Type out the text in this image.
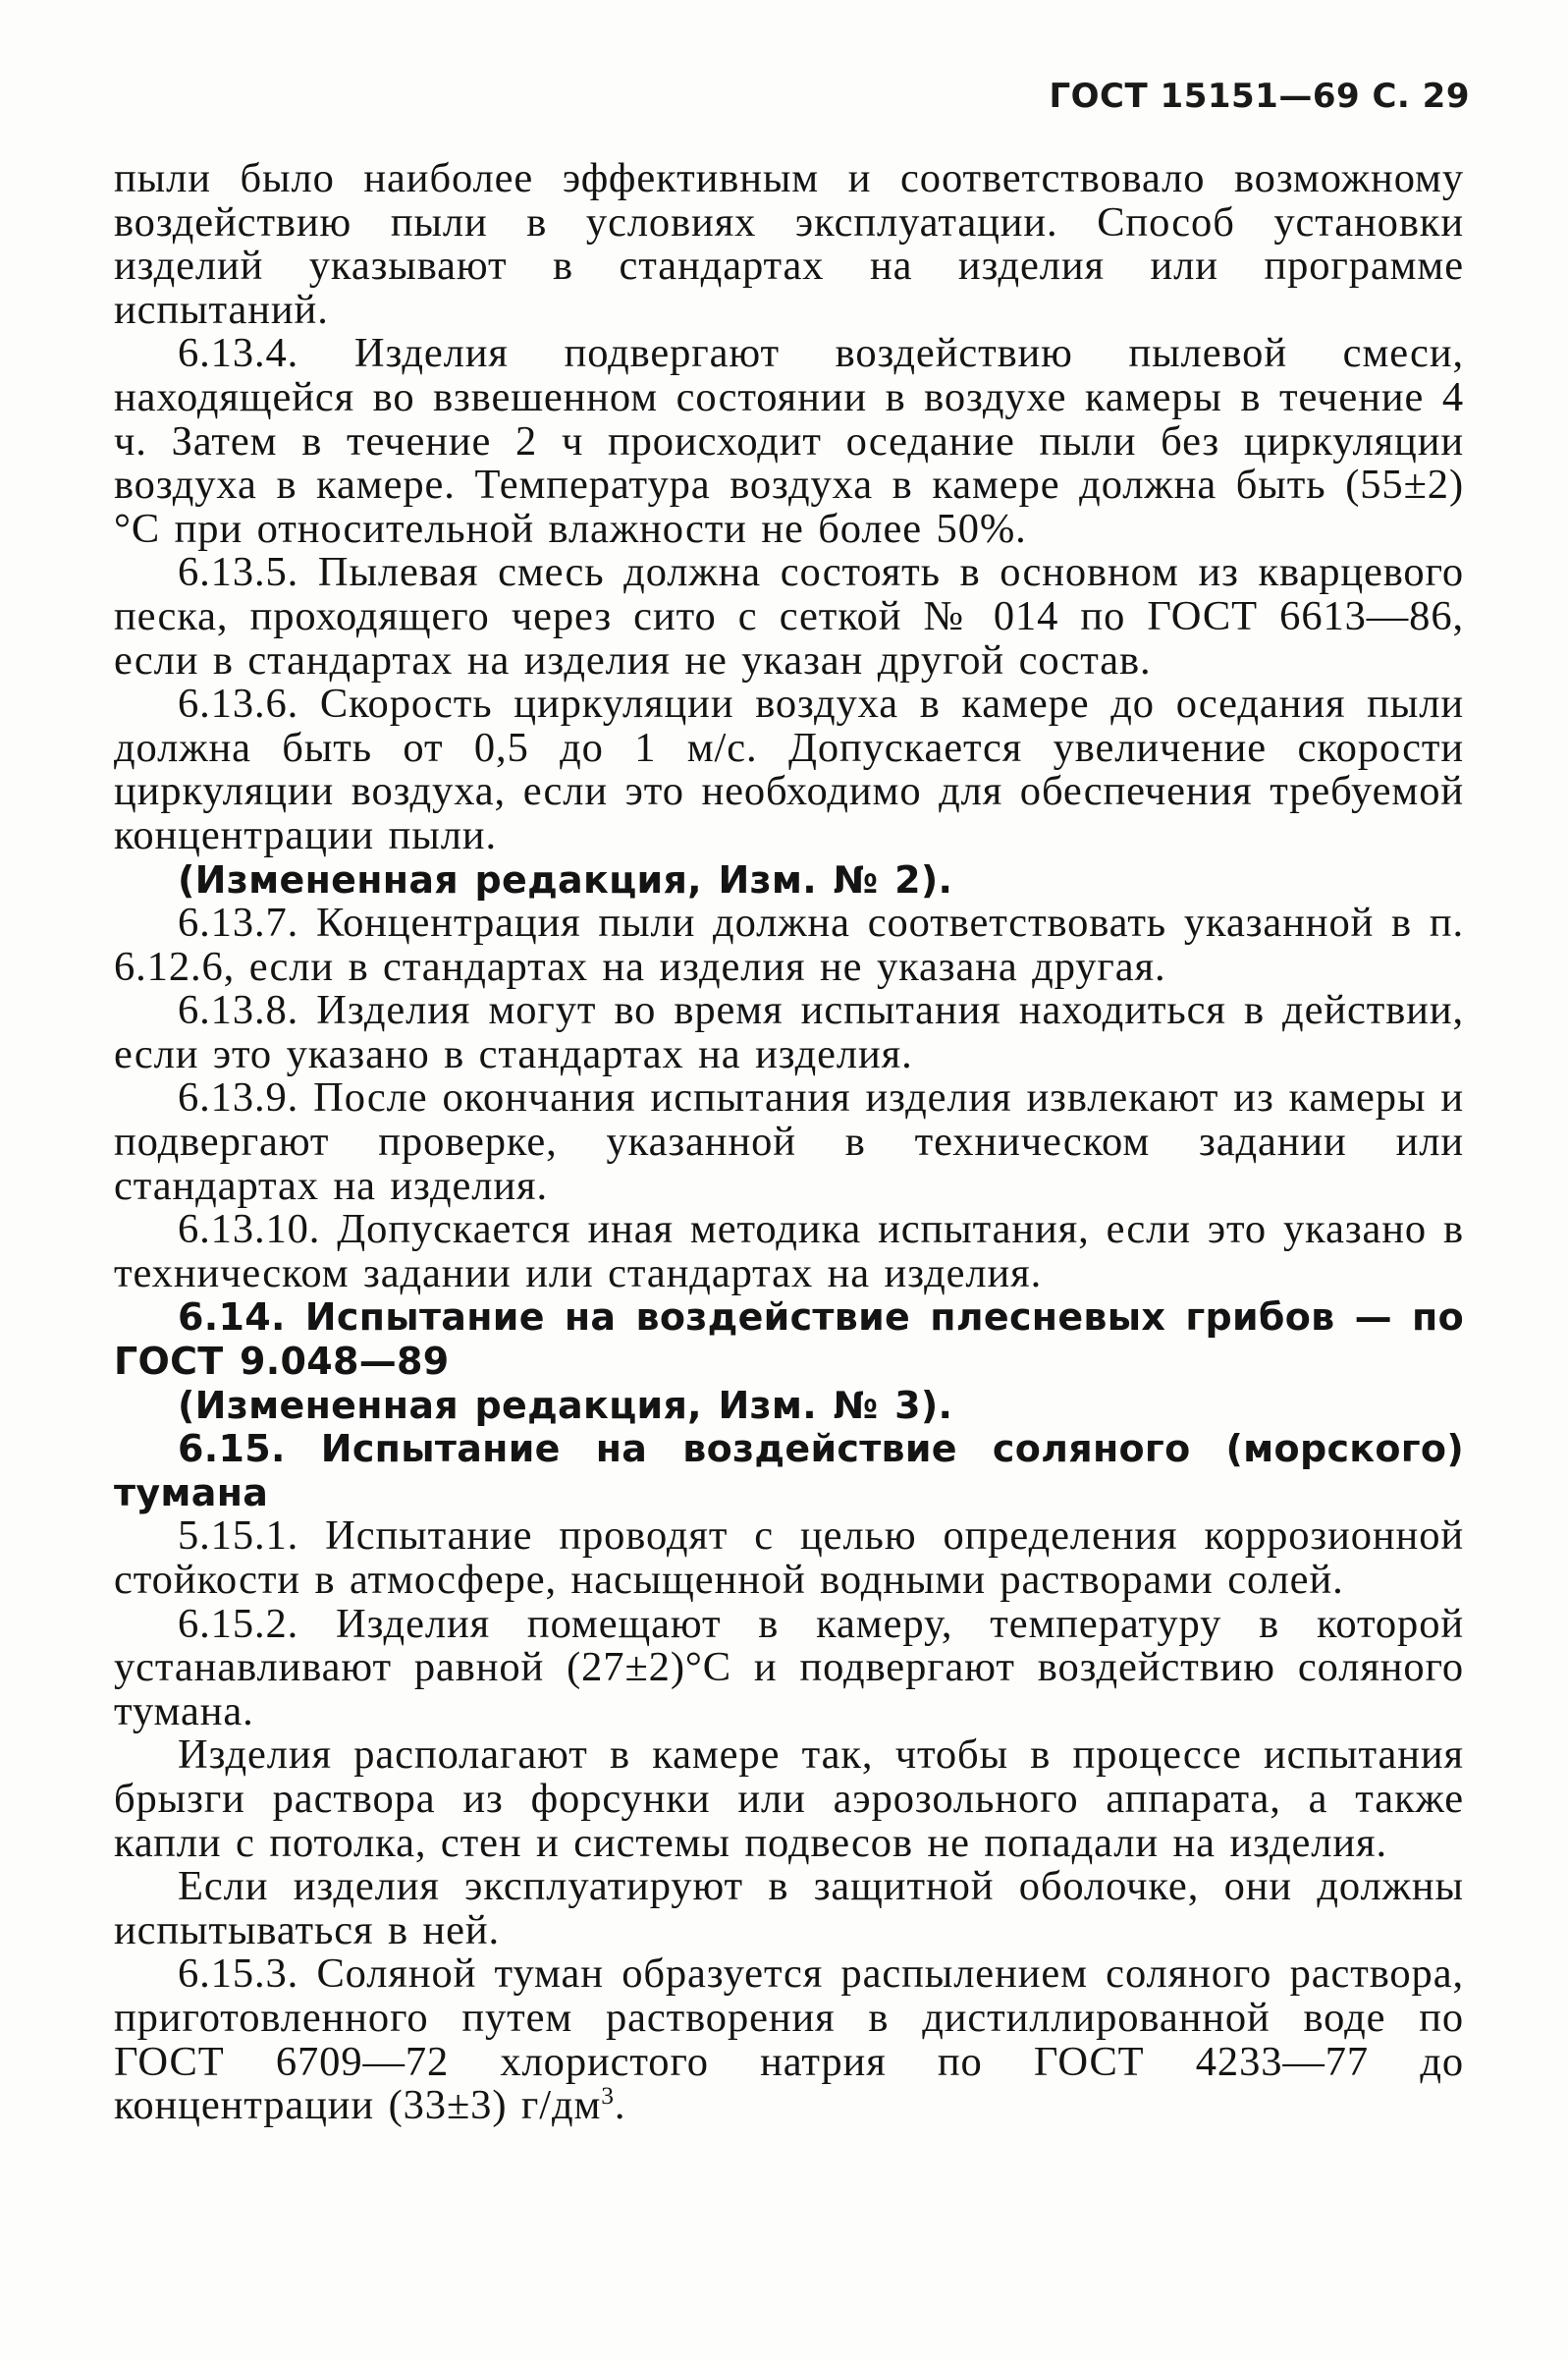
ГОСТ 15151—69 С. 29

пыли было наиболее эффективным и соответствовало возможному воздействию пыли в условиях эксплуатации. Способ установки изделий указывают в стандартах на изделия или программе испытаний.

6.13.4. Изделия подвергают воздействию пылевой смеси, находящейся во взвешенном состоянии в воздухе камеры в течение 4 ч. Затем в течение 2 ч происходит оседание пыли без циркуляции воздуха в камере. Температура воздуха в камере должна быть (55±2)°С при относительной влажности не более 50%.

6.13.5. Пылевая смесь должна состоять в основном из кварцевого песка, проходящего через сито с сеткой № 014 по ГОСТ 6613—86, если в стандартах на изделия не указан другой состав.

6.13.6. Скорость циркуляции воздуха в камере до оседания пыли должна быть от 0,5 до 1 м/с. Допускается увеличение скорости циркуляции воздуха, если это необходимо для обеспечения требуемой концентрации пыли.

(Измененная редакция, Изм. № 2).

6.13.7. Концентрация пыли должна соответствовать указанной в п. 6.12.6, если в стандартах на изделия не указана другая.

6.13.8. Изделия могут во время испытания находиться в действии, если это указано в стандартах на изделия.

6.13.9. После окончания испытания изделия извлекают из камеры и подвергают проверке, указанной в техническом задании или стандартах на изделия.

6.13.10. Допускается иная методика испытания, если это указано в техническом задании или стандартах на изделия.

6.14. Испытание на воздействие плесневых грибов — по ГОСТ 9.048—89

(Измененная редакция, Изм. № 3).

6.15. Испытание на воздействие соляного (морского) тумана

5.15.1. Испытание проводят с целью определения коррозионной стойкости в атмосфере, насыщенной водными растворами солей.

6.15.2. Изделия помещают в камеру, температуру в которой устанавливают равной (27±2)°С и подвергают воздействию соляного тумана.

Изделия располагают в камере так, чтобы в процессе испытания брызги раствора из форсунки или аэрозольного аппарата, а также капли с потолка, стен и системы подвесов не попадали на изделия.

Если изделия эксплуатируют в защитной оболочке, они должны испытываться в ней.

6.15.3. Соляной туман образуется распылением соляного раствора, приготовленного путем растворения в дистиллированной воде по ГОСТ 6709—72 хлористого натрия по ГОСТ 4233—77 до концентрации (33±3) $г/дм^3$.
